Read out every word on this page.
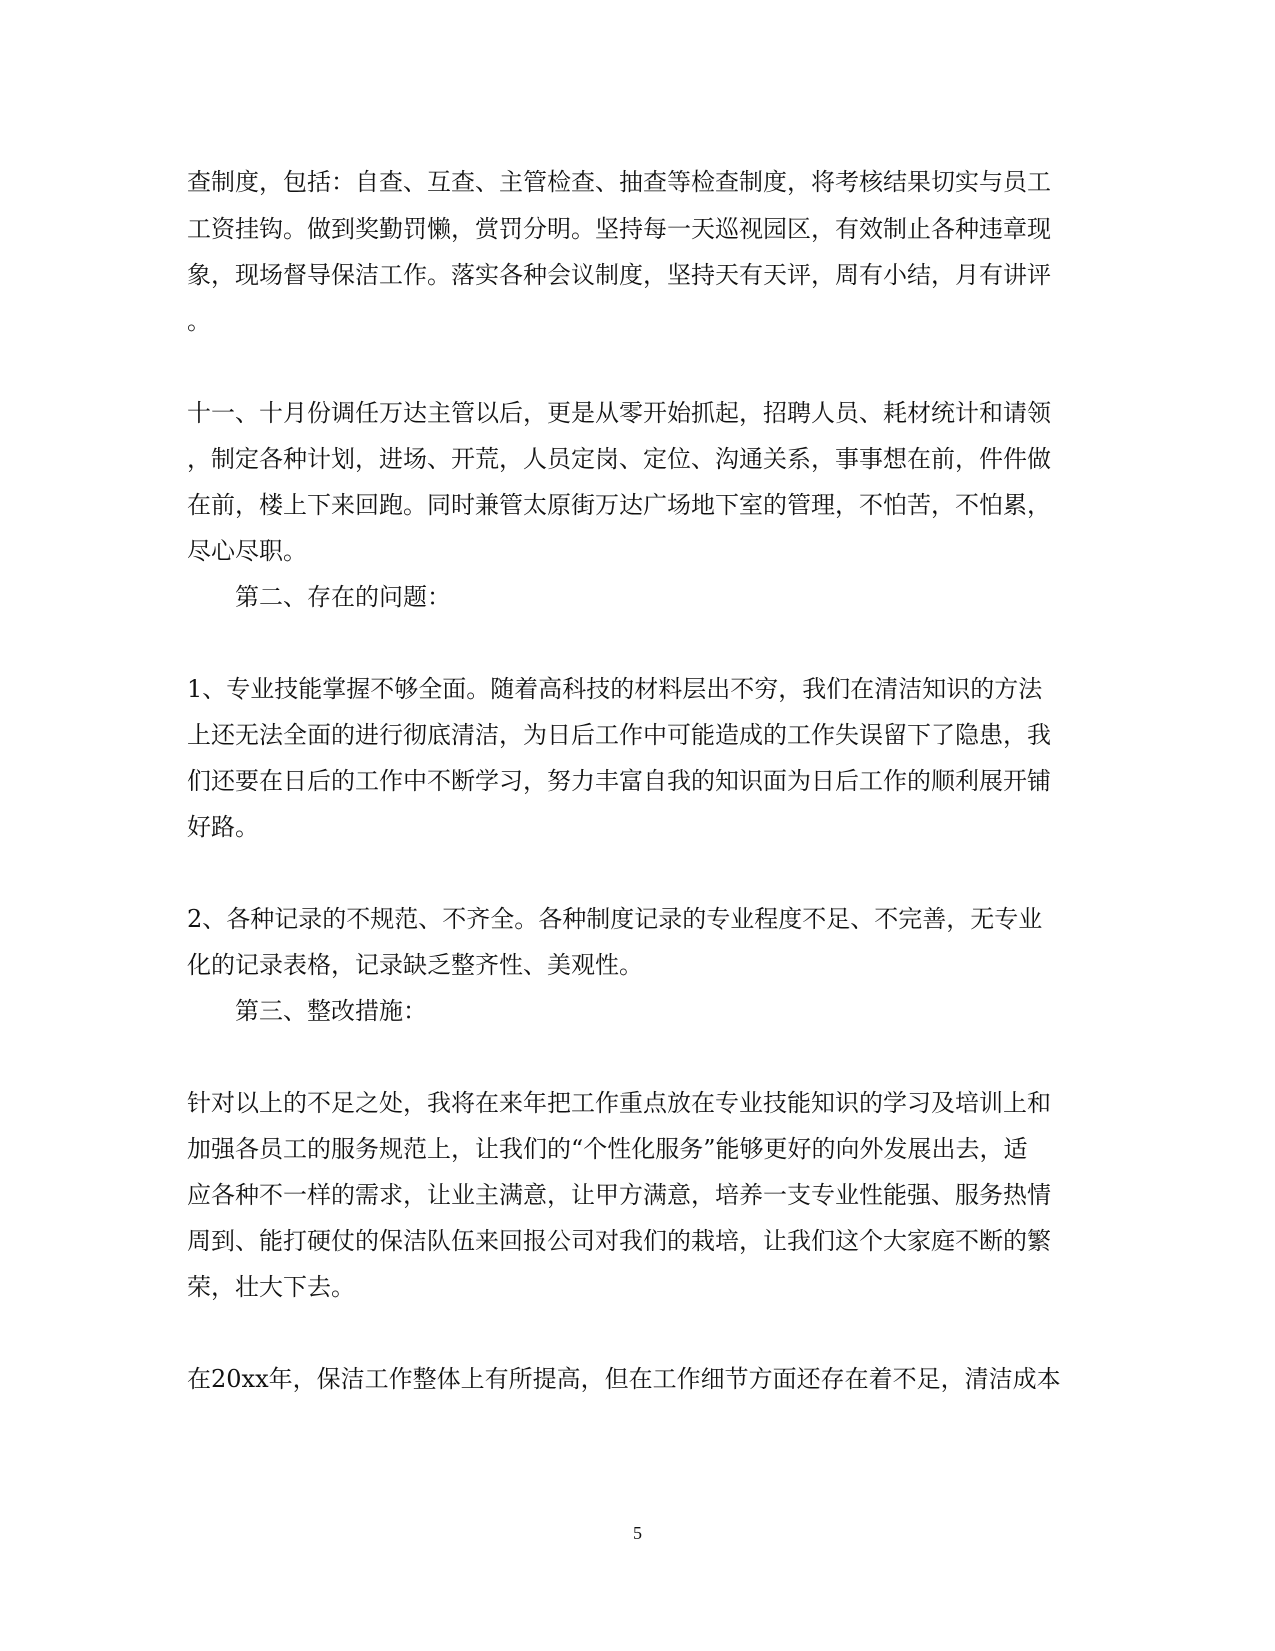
查制度，包括：自查、互查、主管检查、抽查等检查制度，将考核结果切实与员工
工资挂钩。做到奖勤罚懒，赏罚分明。坚持每一天巡视园区，有效制止各种违章现
象，现场督导保洁工作。落实各种会议制度，坚持天有天评，周有小结，月有讲评
。
十一、十月份调任万达主管以后，更是从零开始抓起，招聘人员、耗材统计和请领
，制定各种计划，进场、开荒，人员定岗、定位、沟通关系，事事想在前，件件做
在前，楼上下来回跑。同时兼管太原街万达广场地下室的管理，不怕苦，不怕累，
尽心尽职。
第二、存在的问题：
1、专业技能掌握不够全面。随着高科技的材料层出不穷，我们在清洁知识的方法
上还无法全面的进行彻底清洁，为日后工作中可能造成的工作失误留下了隐患，我
们还要在日后的工作中不断学习，努力丰富自我的知识面为日后工作的顺利展开铺
好路。
2、各种记录的不规范、不齐全。各种制度记录的专业程度不足、不完善，无专业
化的记录表格，记录缺乏整齐性、美观性。
第三、整改措施：
针对以上的不足之处，我将在来年把工作重点放在专业技能知识的学习及培训上和
加强各员工的服务规范上，让我们的“个性化服务”能够更好的向外发展出去，适
应各种不一样的需求，让业主满意，让甲方满意，培养一支专业性能强、服务热情
周到、能打硬仗的保洁队伍来回报公司对我们的栽培，让我们这个大家庭不断的繁
荣，壮大下去。
在20xx年，保洁工作整体上有所提高，但在工作细节方面还存在着不足，清洁成本
5
